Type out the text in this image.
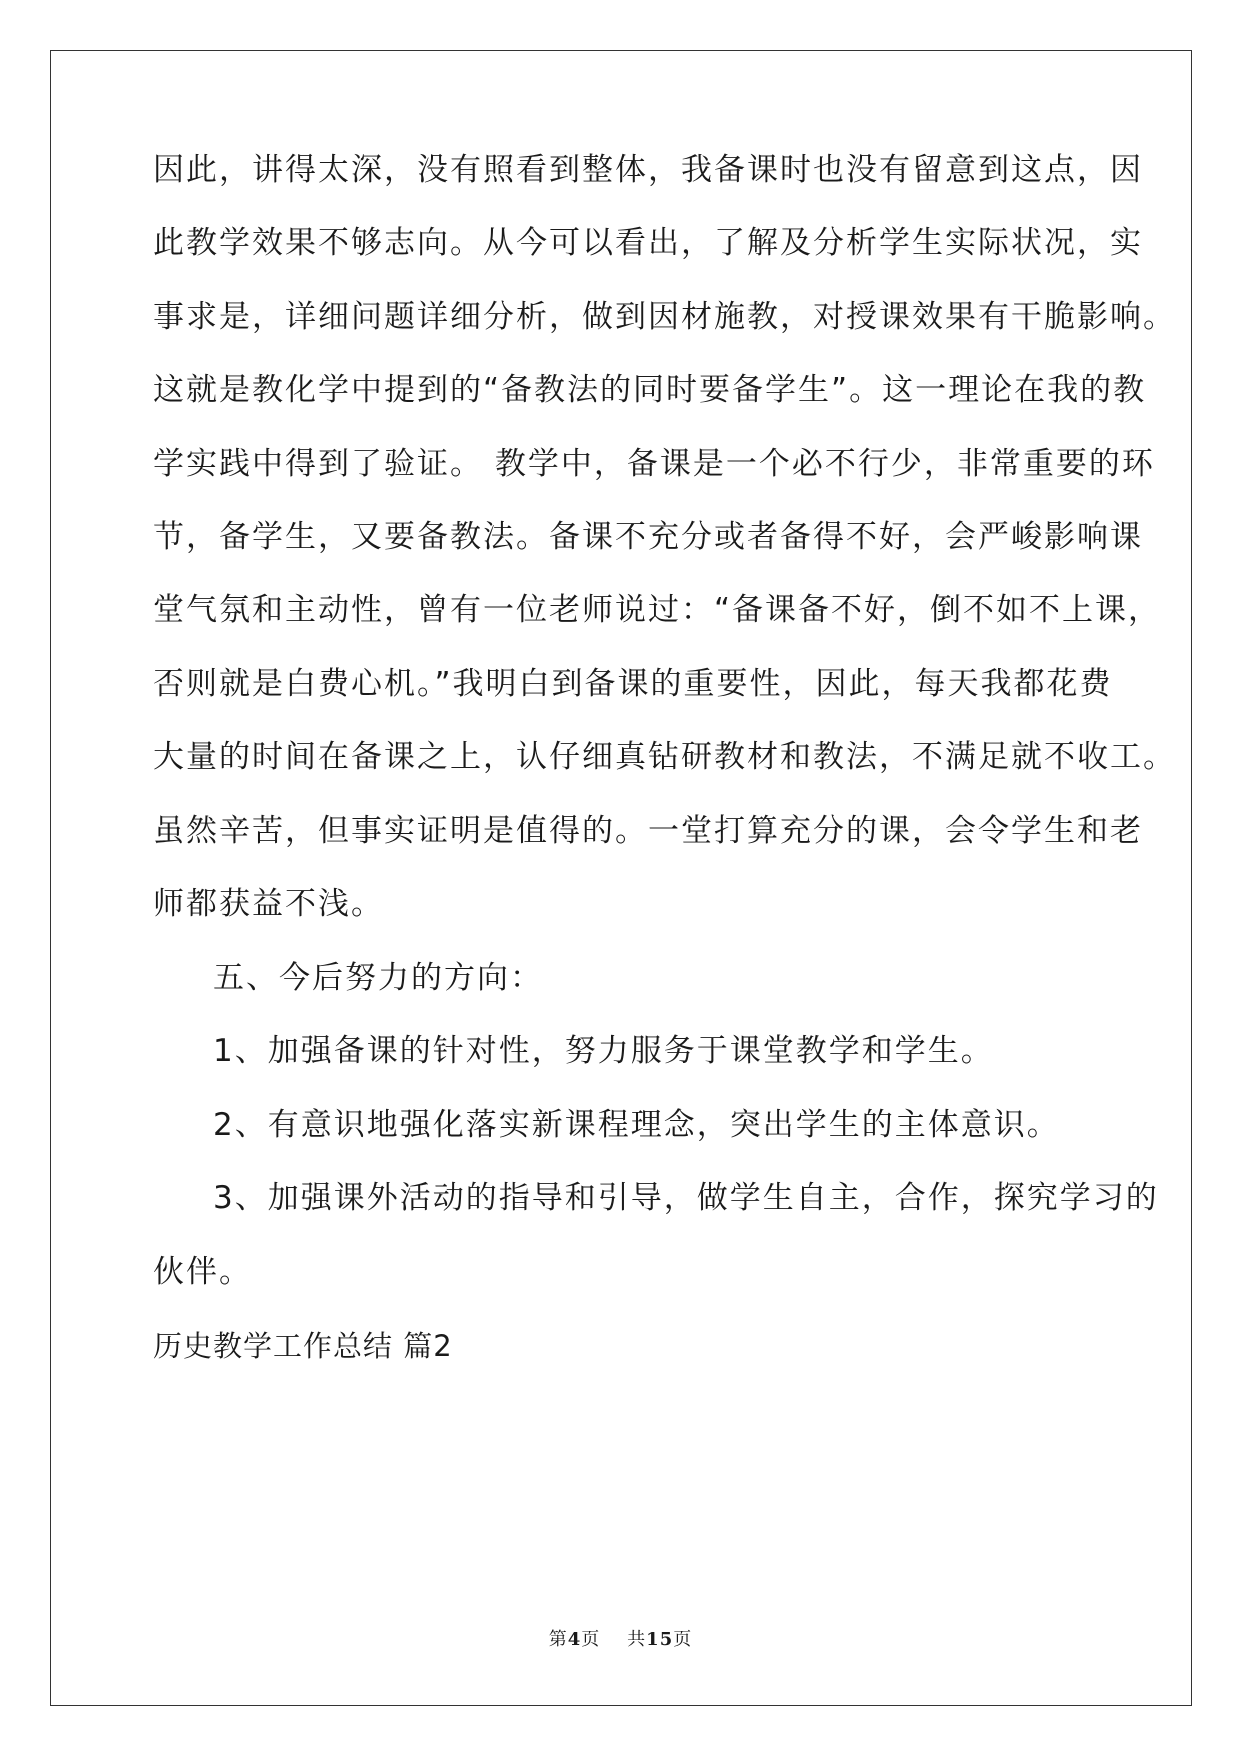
因此，讲得太深，没有照看到整体，我备课时也没有留意到这点，因
此教学效果不够志向。从今可以看出，了解及分析学生实际状况，实
事求是，详细问题详细分析，做到因材施教，对授课效果有干脆影响。
这就是教化学中提到的“备教法的同时要备学生”。这一理论在我的教
学实践中得到了验证。 教学中，备课是一个必不行少，非常重要的环
节，备学生，又要备教法。备课不充分或者备得不好，会严峻影响课
堂气氛和主动性，曾有一位老师说过：“备课备不好，倒不如不上课，
否则就是白费心机。”我明白到备课的重要性，因此，每天我都花费
大量的时间在备课之上，认仔细真钻研教材和教法，不满足就不收工。
虽然辛苦，但事实证明是值得的。一堂打算充分的课，会令学生和老
师都获益不浅。
五、今后努力的方向：
1、加强备课的针对性，努力服务于课堂教学和学生。
2、有意识地强化落实新课程理念，突出学生的主体意识。
3、加强课外活动的指导和引导，做学生自主，合作，探究学习的
伙伴。
历史教学工作总结 篇2
第4页 共15页
